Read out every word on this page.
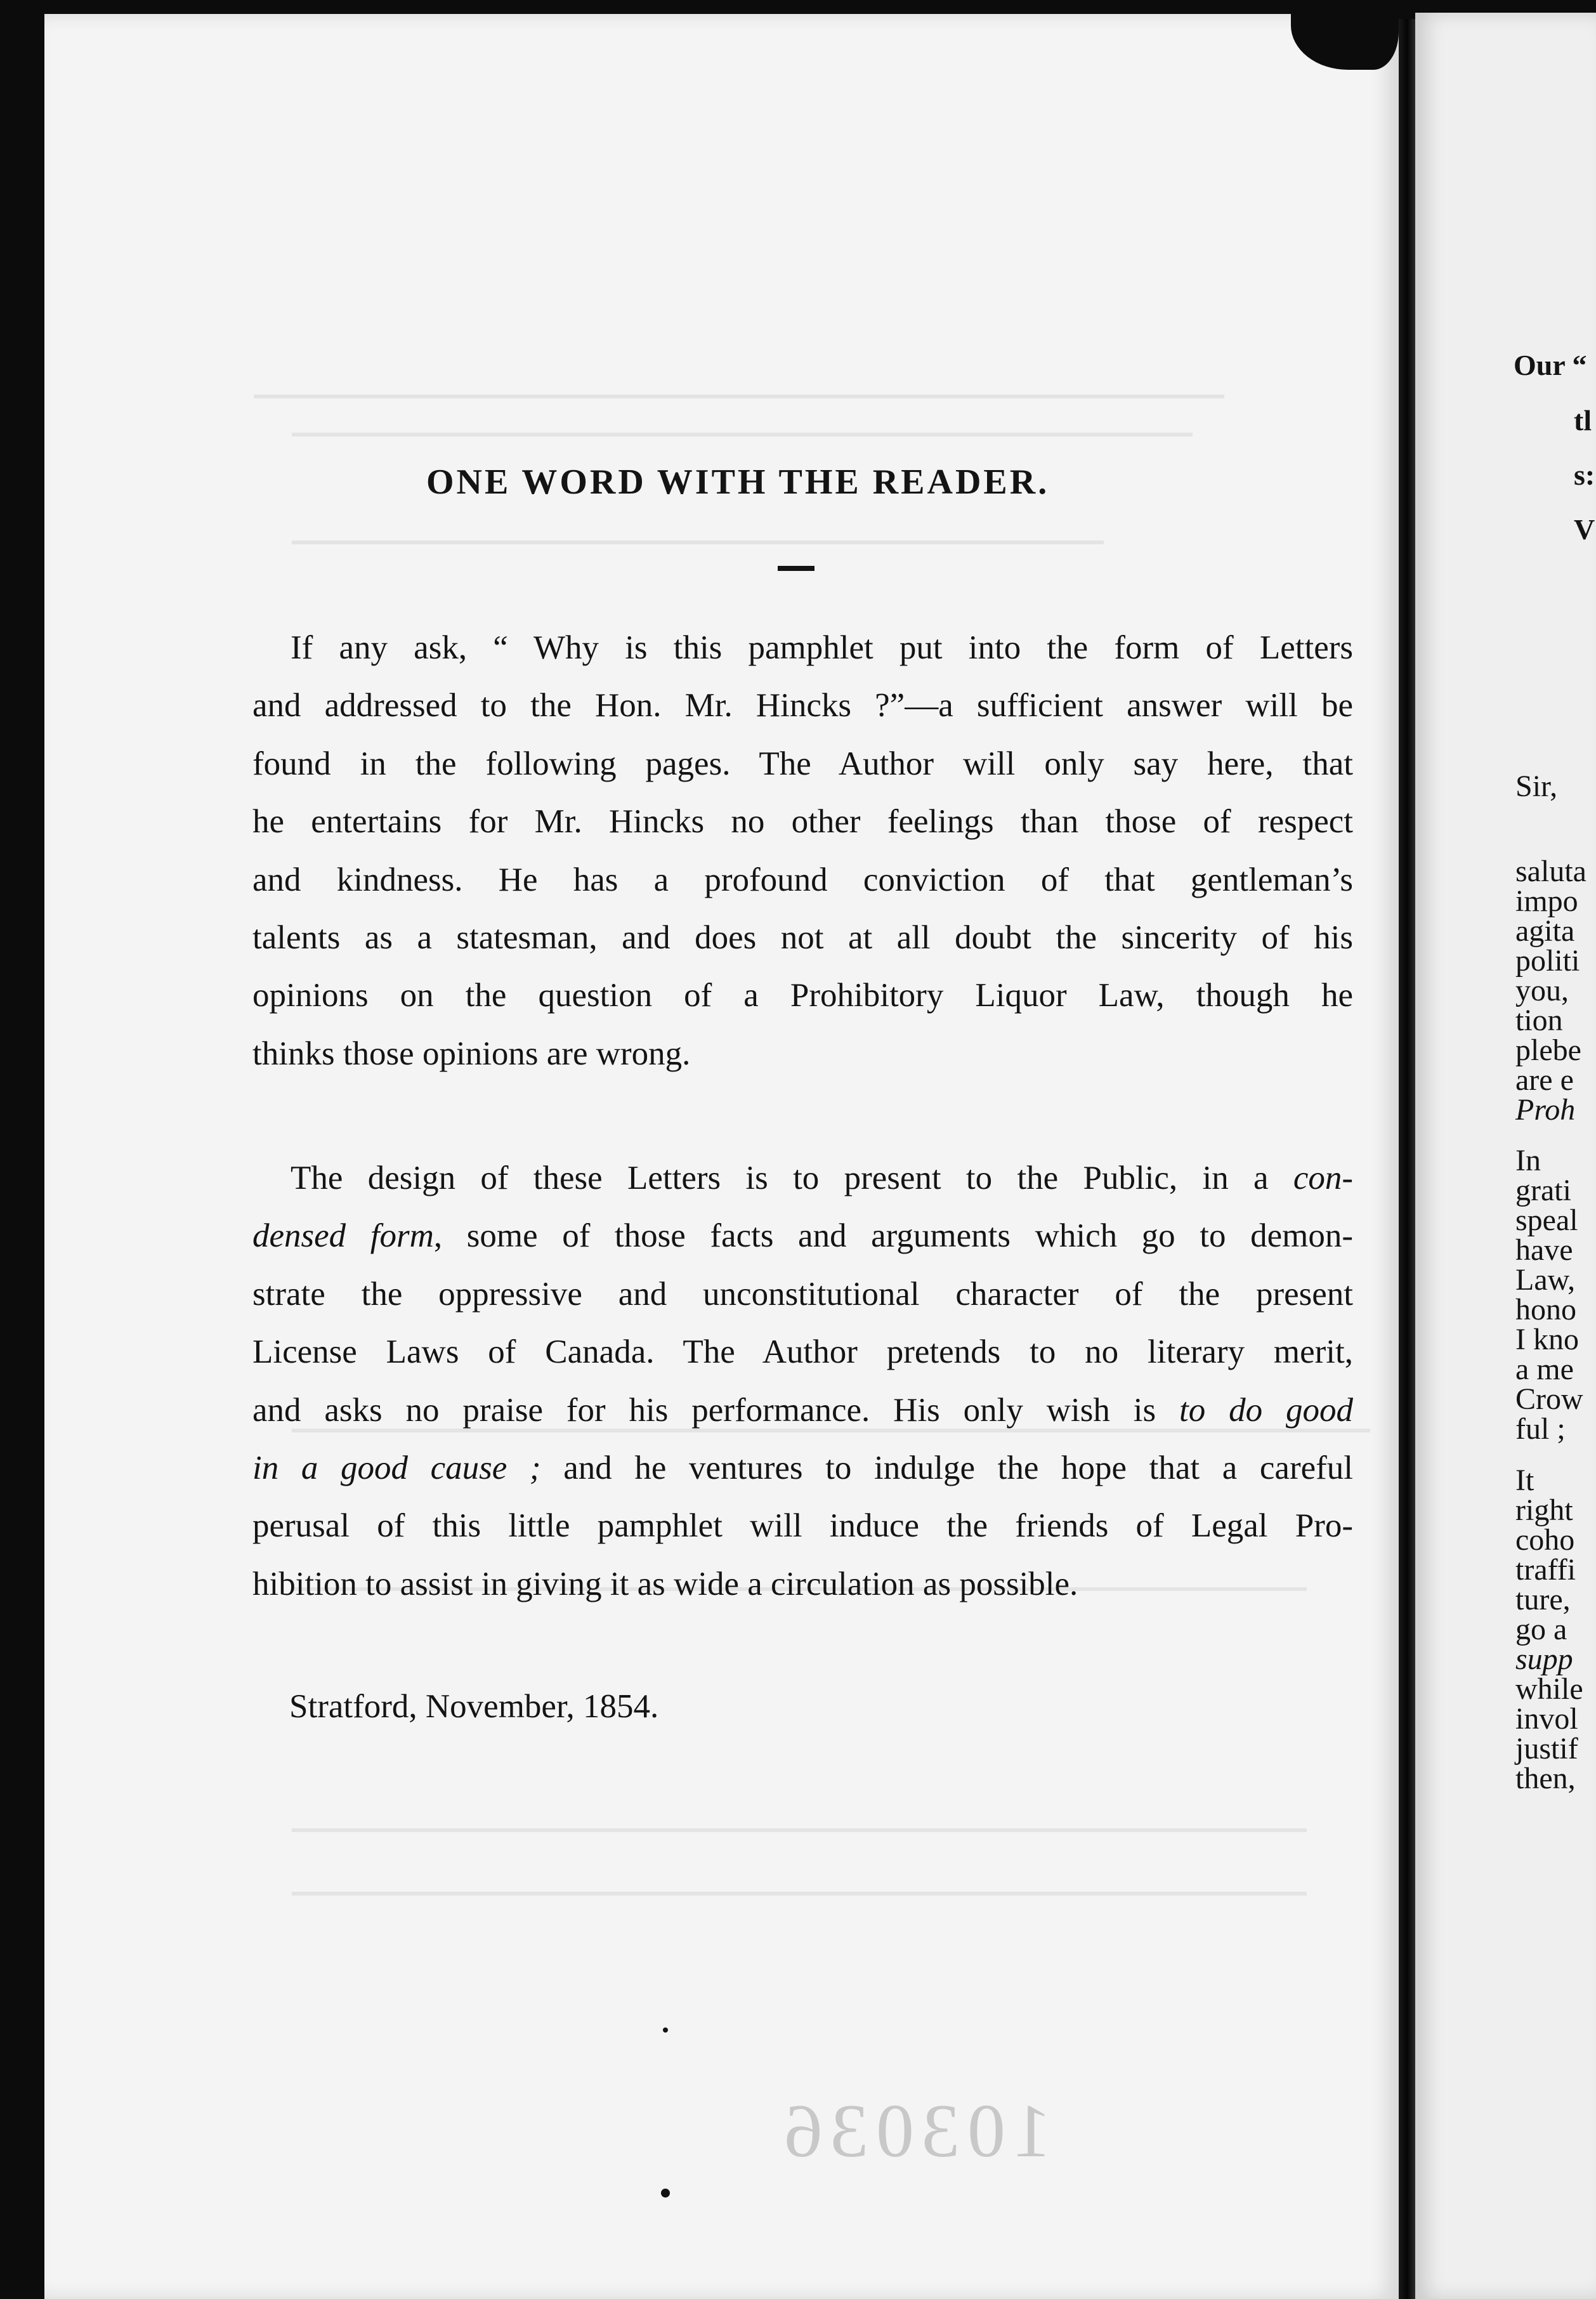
ONE WORD WITH THE READER.

If any ask, “ Why is this pamphlet put into the form of Letters
and addressed to the Hon. Mr. Hincks ?”—a sufficient answer will be
found in the following pages. The Author will only say here, that
he entertains for Mr. Hincks no other feelings than those of respect
and kindness. He has a profound conviction of that gentleman’s
talents as a statesman, and does not at all doubt the sincerity of his
opinions on the question of a Prohibitory Liquor Law, though he
thinks those opinions are wrong.

The design of these Letters is to present to the Public, in a con-
densed form, some of those facts and arguments which go to demon-
strate the oppressive and unconstitutional character of the present
License Laws of Canada. The Author pretends to no literary merit,
and asks no praise for his performance. His only wish is to do good
in a good cause ; and he ventures to indulge the hope that a careful
perusal of this little pamphlet will induce the friends of Legal Pro-
hibition to assist in giving it as wide a circulation as possible.

Stratford, November, 1854.

103036

Our “

tl

s:

V

Sir,

saluta

impo

agita

politi

you,

tion

plebe

are e

Proh

In

grati

speal

have

Law,

hono

I kno

a me

Crow

ful ;

It

right

coho

traffi

ture,

go a

supp

while

invol

justif

then,
